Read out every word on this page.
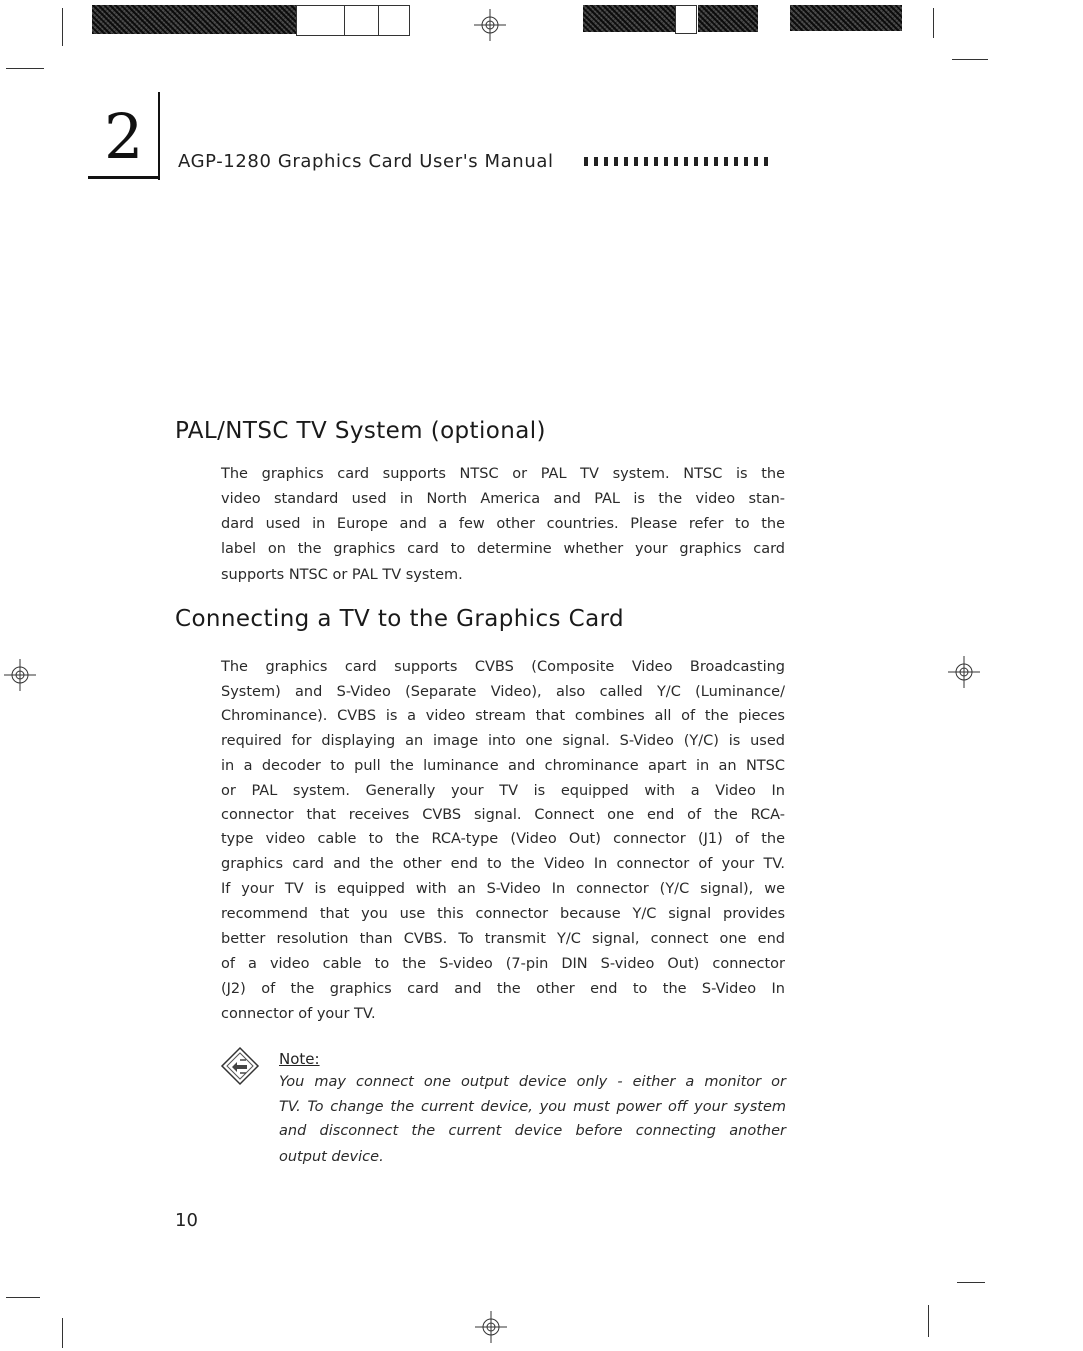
2 AGP-1280 Graphics Card User's Manual
PAL/NTSC TV System (optional)
The graphics card supports NTSC or PAL TV system. NTSC is the
video standard used in North America and PAL is the video stan-
dard used in Europe and a few other countries. Please refer to the
label on the graphics card to determine whether your graphics card
supports NTSC or PAL TV system.
Connecting a TV to the Graphics Card
The graphics card supports CVBS (Composite Video Broadcasting
System) and S-Video (Separate Video), also called Y/C (Luminance/
Chrominance). CVBS is a video stream that combines all of the pieces
required for displaying an image into one signal. S-Video (Y/C) is used
in a decoder to pull the luminance and chrominance apart in an NTSC
or PAL system. Generally your TV is equipped with a Video In
connector that receives CVBS signal. Connect one end of the RCA-
type video cable to the RCA-type (Video Out) connector (J1) of the
graphics card and the other end to the Video In connector of your TV.
If your TV is equipped with an S-Video In connector (Y/C signal), we
recommend that you use this connector because Y/C signal provides
better resolution than CVBS. To transmit Y/C signal, connect one end
of a video cable to the S-video (7-pin DIN S-video Out) connector
(J2) of the graphics card and the other end to the S-Video In
connector of your TV.
Note:
You may connect one output device only - either a monitor or
TV. To change the current device, you must power off your system
and disconnect the current device before connecting another
output device.
10
